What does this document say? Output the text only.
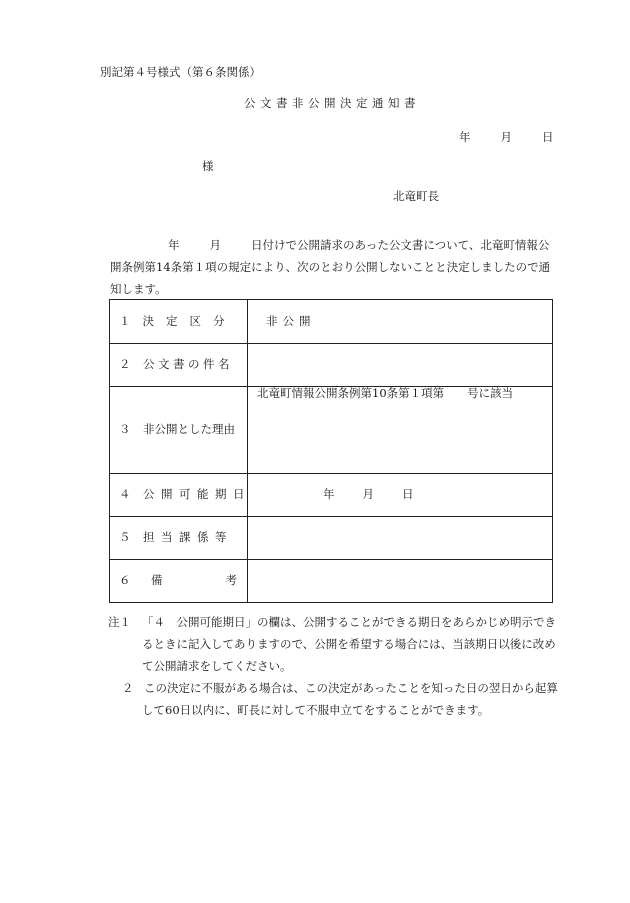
別記第４号様式（第６条関係）
公文書非公開決定通知書
年	月	日
様
北竜町長
年	月	日付けで公開請求のあった公文書について、北竜町情報公開条例第14条第１項の規定により、次のとおり公開しないことと決定しましたので通知します。
１決定区分	非公開
２　 公文書の件名	
３　 非公開とした理由	北竜町情報公開条例第10条第１項第　　号に該当
４　 公開可能期日	年 月 日
５　 担当課係等	

６ 備 考	

注１ 「４　公開可能期日」の欄は、公開することができる期日をあらかじめ明示できるときに記入してありますので、公開を希望する場合には、当該期日以後に改めて公開請求をしてください。
２ この決定に不服がある場合は、この決定があったことを知った日の翌日から起算して60日以内に、町長に対して不服申立てをすることができます。
